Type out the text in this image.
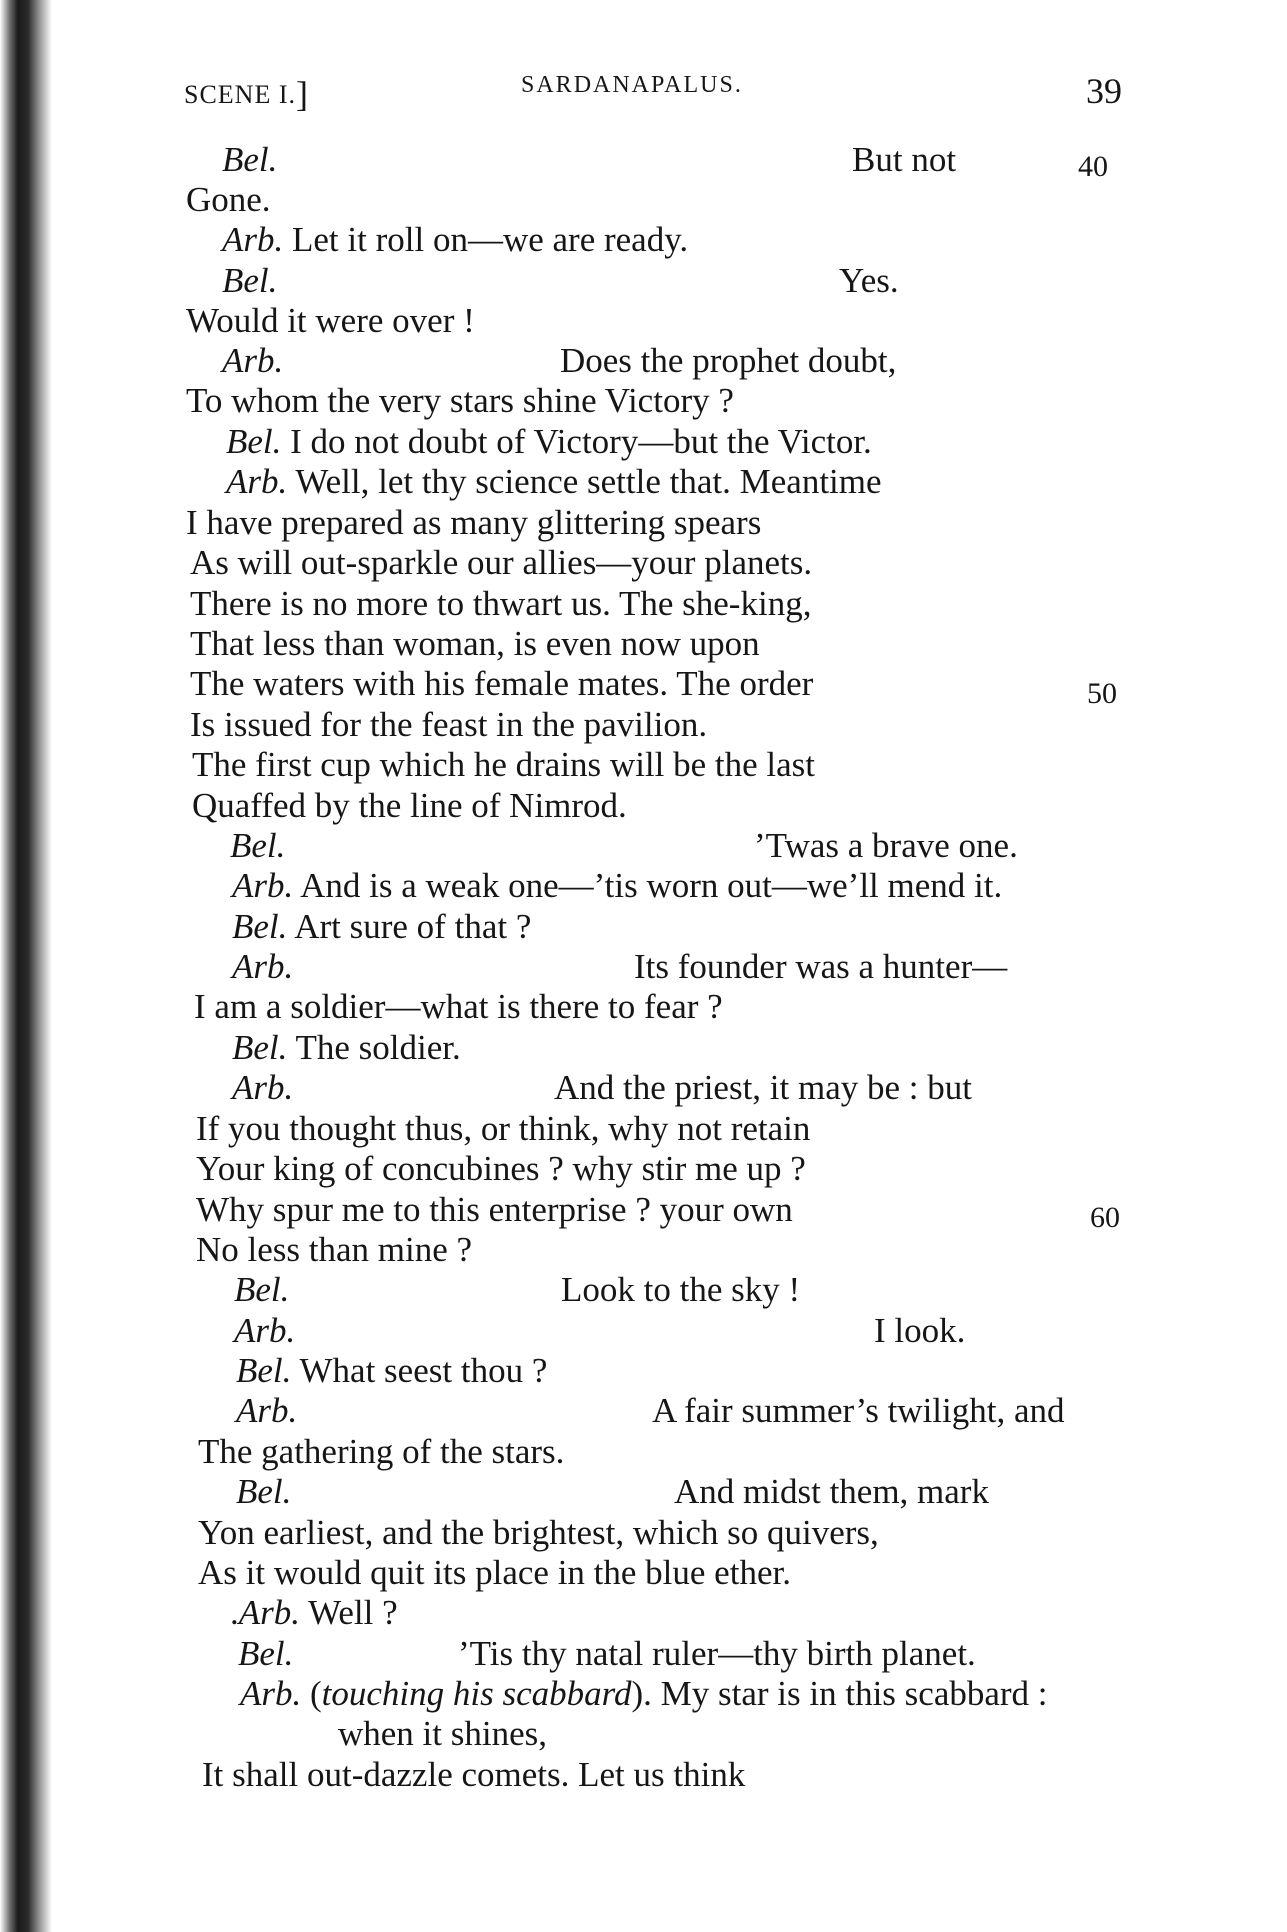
SCENE I.]	SARDANAPALUS.	39
40
50
60
Bel.	But not
Gone.
Arb. Let it roll on—we are ready.
Bel.	Yes.
Would it were over !
Arb.	Does the prophet doubt,
To whom the very stars shine Victory ?
Bel. I do not doubt of Victory—but the Victor.
Arb. Well, let thy science settle that. Meantime
I have prepared as many glittering spears
As will out-sparkle our allies—your planets.
There is no more to thwart us. The she-king,
That less than woman, is even now upon
The waters with his female mates. The order
Is issued for the feast in the pavilion.
The first cup which he drains will be the last
Quaffed by the line of Nimrod.
Bel.	’Twas a brave one.
Arb. And is a weak one—’tis worn out—we’ll mend it.
Bel. Art sure of that ?
Arb.	Its founder was a hunter—
I am a soldier—what is there to fear ?
Bel. The soldier.
Arb.	And the priest, it may be : but
If you thought thus, or think, why not retain
Your king of concubines ? why stir me up ?
Why spur me to this enterprise ? your own
No less than mine ?
Bel.	Look to the sky !
Arb.	I look.
Bel. What seest thou ?
Arb.	A fair summer’s twilight, and
The gathering of the stars.
Bel.	And midst them, mark
Yon earliest, and the brightest, which so quivers,
As it would quit its place in the blue ether.
.Arb. Well ?
Bel.	’Tis thy natal ruler—thy birth planet.
Arb. (touching his scabbard). My star is in this scabbard :
when it shines,
It shall out-dazzle comets. Let us think
